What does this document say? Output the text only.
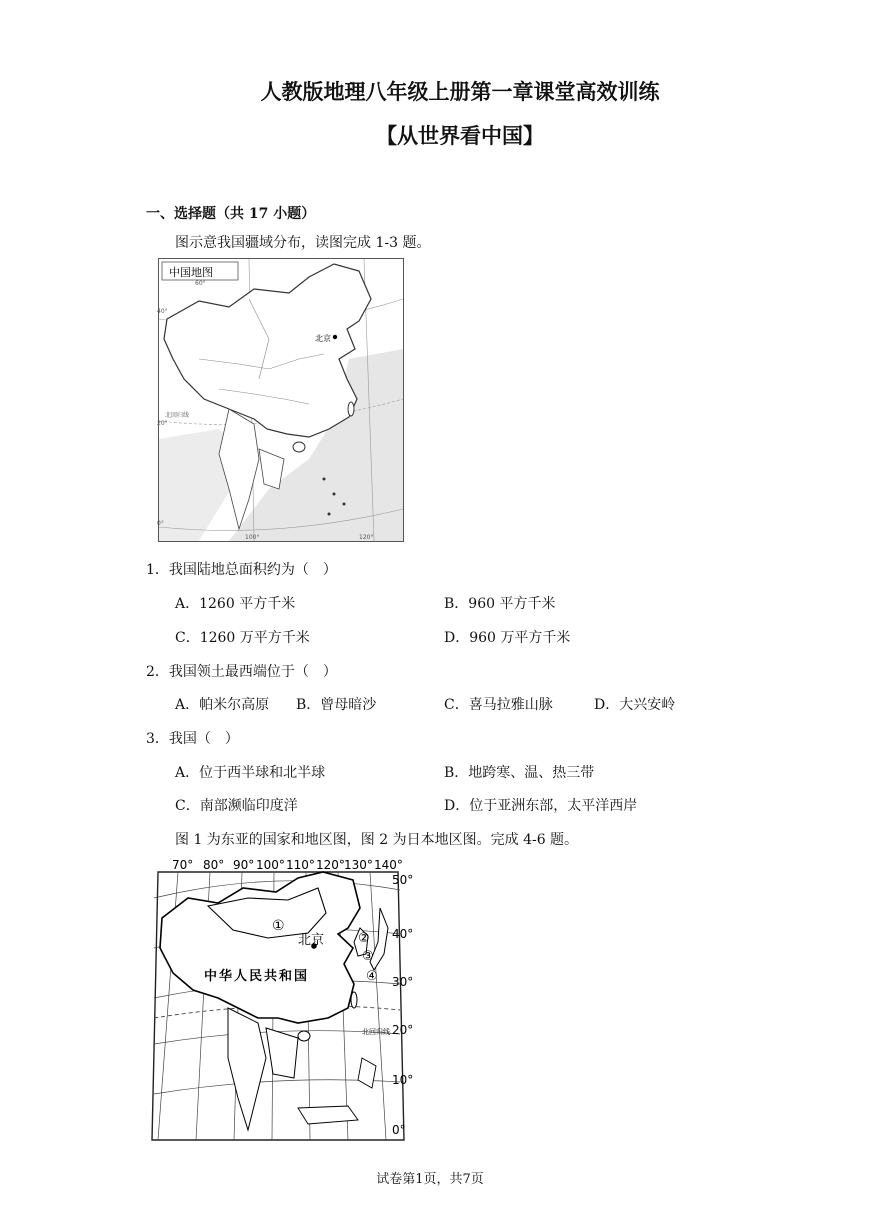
人教版地理八年级上册第一章课堂高效训练
【从世界看中国】
一、选择题（共 17 小题）
图示意我国疆域分布，读图完成 1-3 题。
中国地图
北京
北回归线
40°
20°
0°
60°
100°	120°
1．我国陆地总面积约为（　）
A．1260 平方千米	B．960 平方千米
C．1260 万平方千米	D．960 万平方千米
2．我国领土最西端位于（　）
A．帕米尔高原 B．曾母暗沙	C．喜马拉雅山脉	D．大兴安岭
3．我国（　）
A．位于西半球和北半球	B．地跨寒、温、热三带
C．南部濒临印度洋	D．位于亚洲东部，太平洋西岸
图 1 为东亚的国家和地区图，图 2 为日本地区图。完成 4-6 题。
①
②
③
④
北京
中华人民共和国
北回归线
70° 80° 90° 100° 110° 120° 130° 140°
50°
40°
30°
20°
10°
0°
试卷第1页，共7页
